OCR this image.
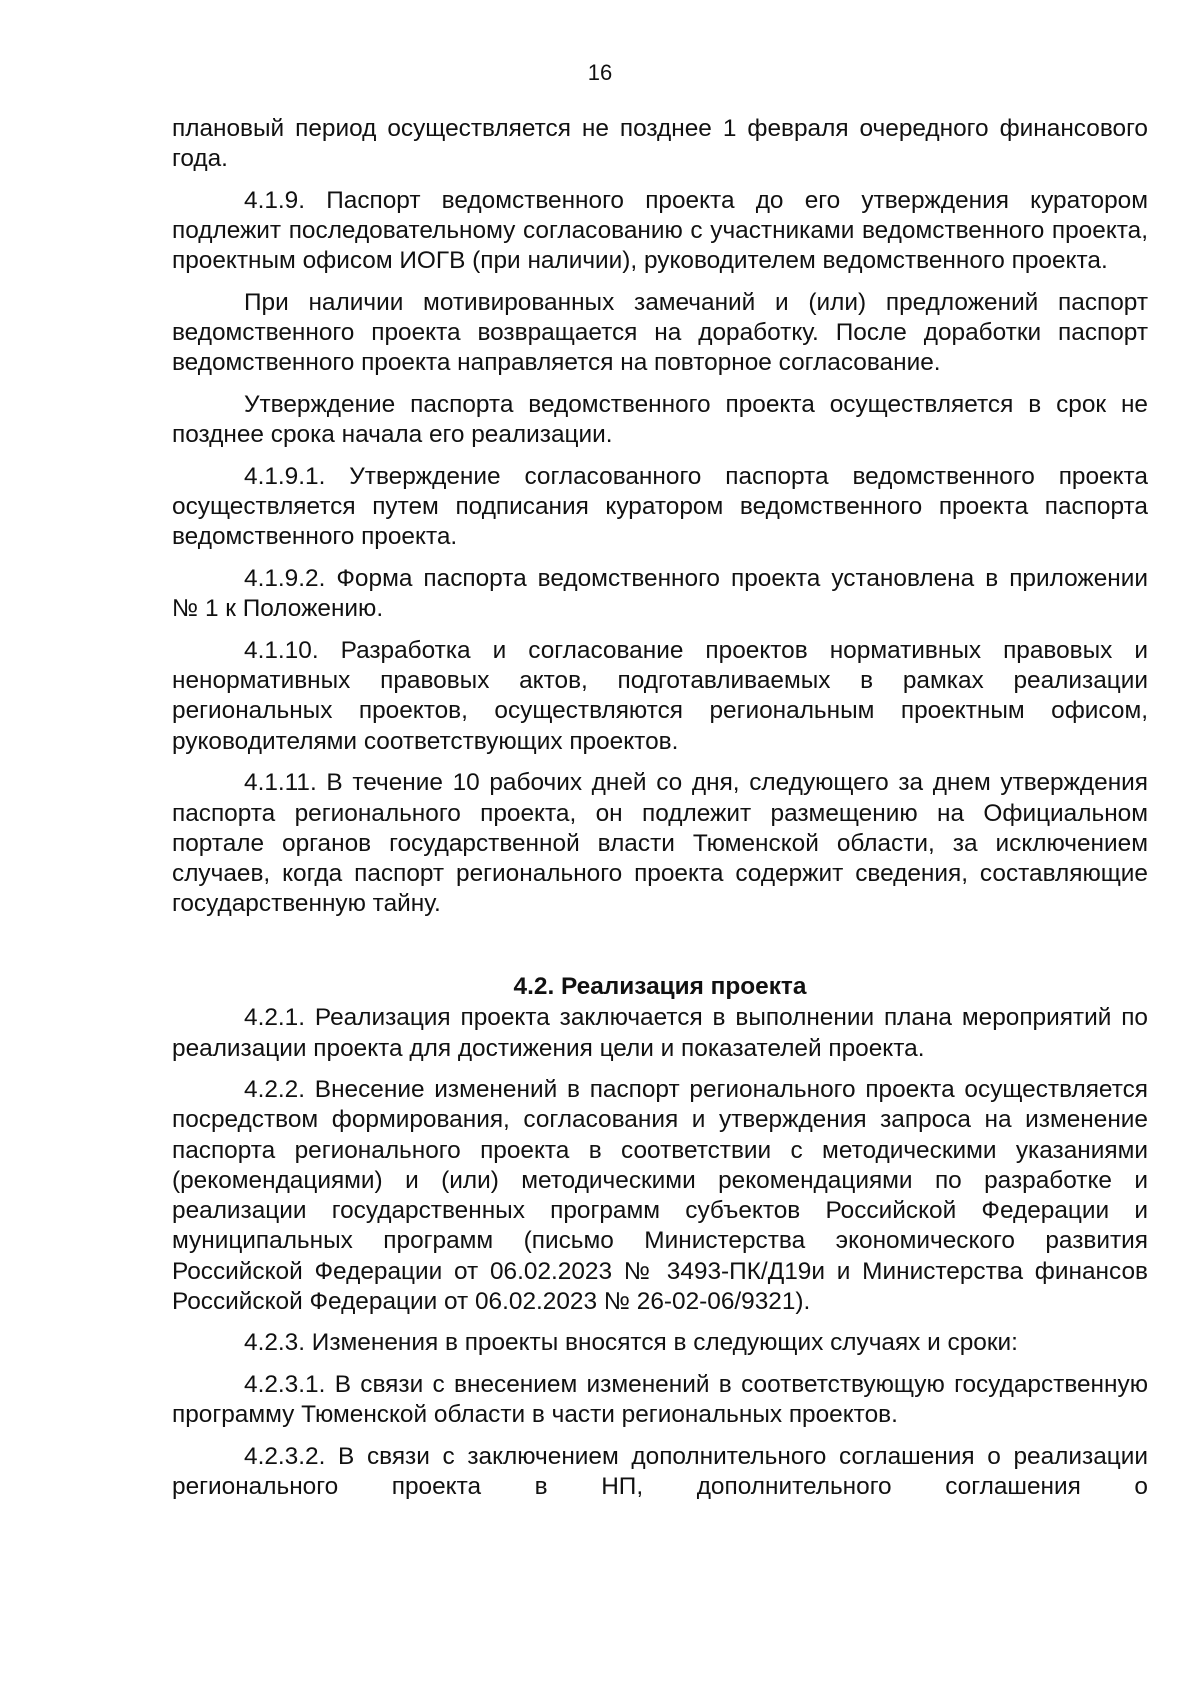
16

плановый период осуществляется не позднее 1 февраля очередного финансового года.

4.1.9. Паспорт ведомственного проекта до его утверждения куратором подлежит последовательному согласованию с участниками ведомственного проекта, проектным офисом ИОГВ (при наличии), руководителем ведомственного проекта.

При наличии мотивированных замечаний и (или) предложений паспорт ведомственного проекта возвращается на доработку. После доработки паспорт ведомственного проекта направляется на повторное согласование.

Утверждение паспорта ведомственного проекта осуществляется в срок не позднее срока начала его реализации.

4.1.9.1. Утверждение согласованного паспорта ведомственного проекта осуществляется путем подписания куратором ведомственного проекта паспорта ведомственного проекта.

4.1.9.2. Форма паспорта ведомственного проекта установлена в приложении № 1 к Положению.

4.1.10. Разработка и согласование проектов нормативных правовых и ненормативных правовых актов, подготавливаемых в рамках реализации региональных проектов, осуществляются региональным проектным офисом, руководителями соответствующих проектов.

4.1.11. В течение 10 рабочих дней со дня, следующего за днем утверждения паспорта регионального проекта, он подлежит размещению на Официальном портале органов государственной власти Тюменской области, за исключением случаев, когда паспорт регионального проекта содержит сведения, составляющие государственную тайну.

4.2. Реализация проекта

4.2.1. Реализация проекта заключается в выполнении плана мероприятий по реализации проекта для достижения цели и показателей проекта.

4.2.2. Внесение изменений в паспорт регионального проекта осуществляется посредством формирования, согласования и утверждения запроса на изменение паспорта регионального проекта в соответствии с методическими указаниями (рекомендациями) и (или) методическими рекомендациями по разработке и реализации государственных программ субъектов Российской Федерации и муниципальных программ (письмо Министерства экономического развития Российской Федерации от 06.02.2023 № 3493-ПК/Д19и и Министерства финансов Российской Федерации от 06.02.2023 № 26-02-06/9321).

4.2.3. Изменения в проекты вносятся в следующих случаях и сроки:

4.2.3.1. В связи с внесением изменений в соответствующую государственную программу Тюменской области в части региональных проектов.

4.2.3.2. В связи с заключением дополнительного соглашения о реализации регионального проекта в НП, дополнительного соглашения о
